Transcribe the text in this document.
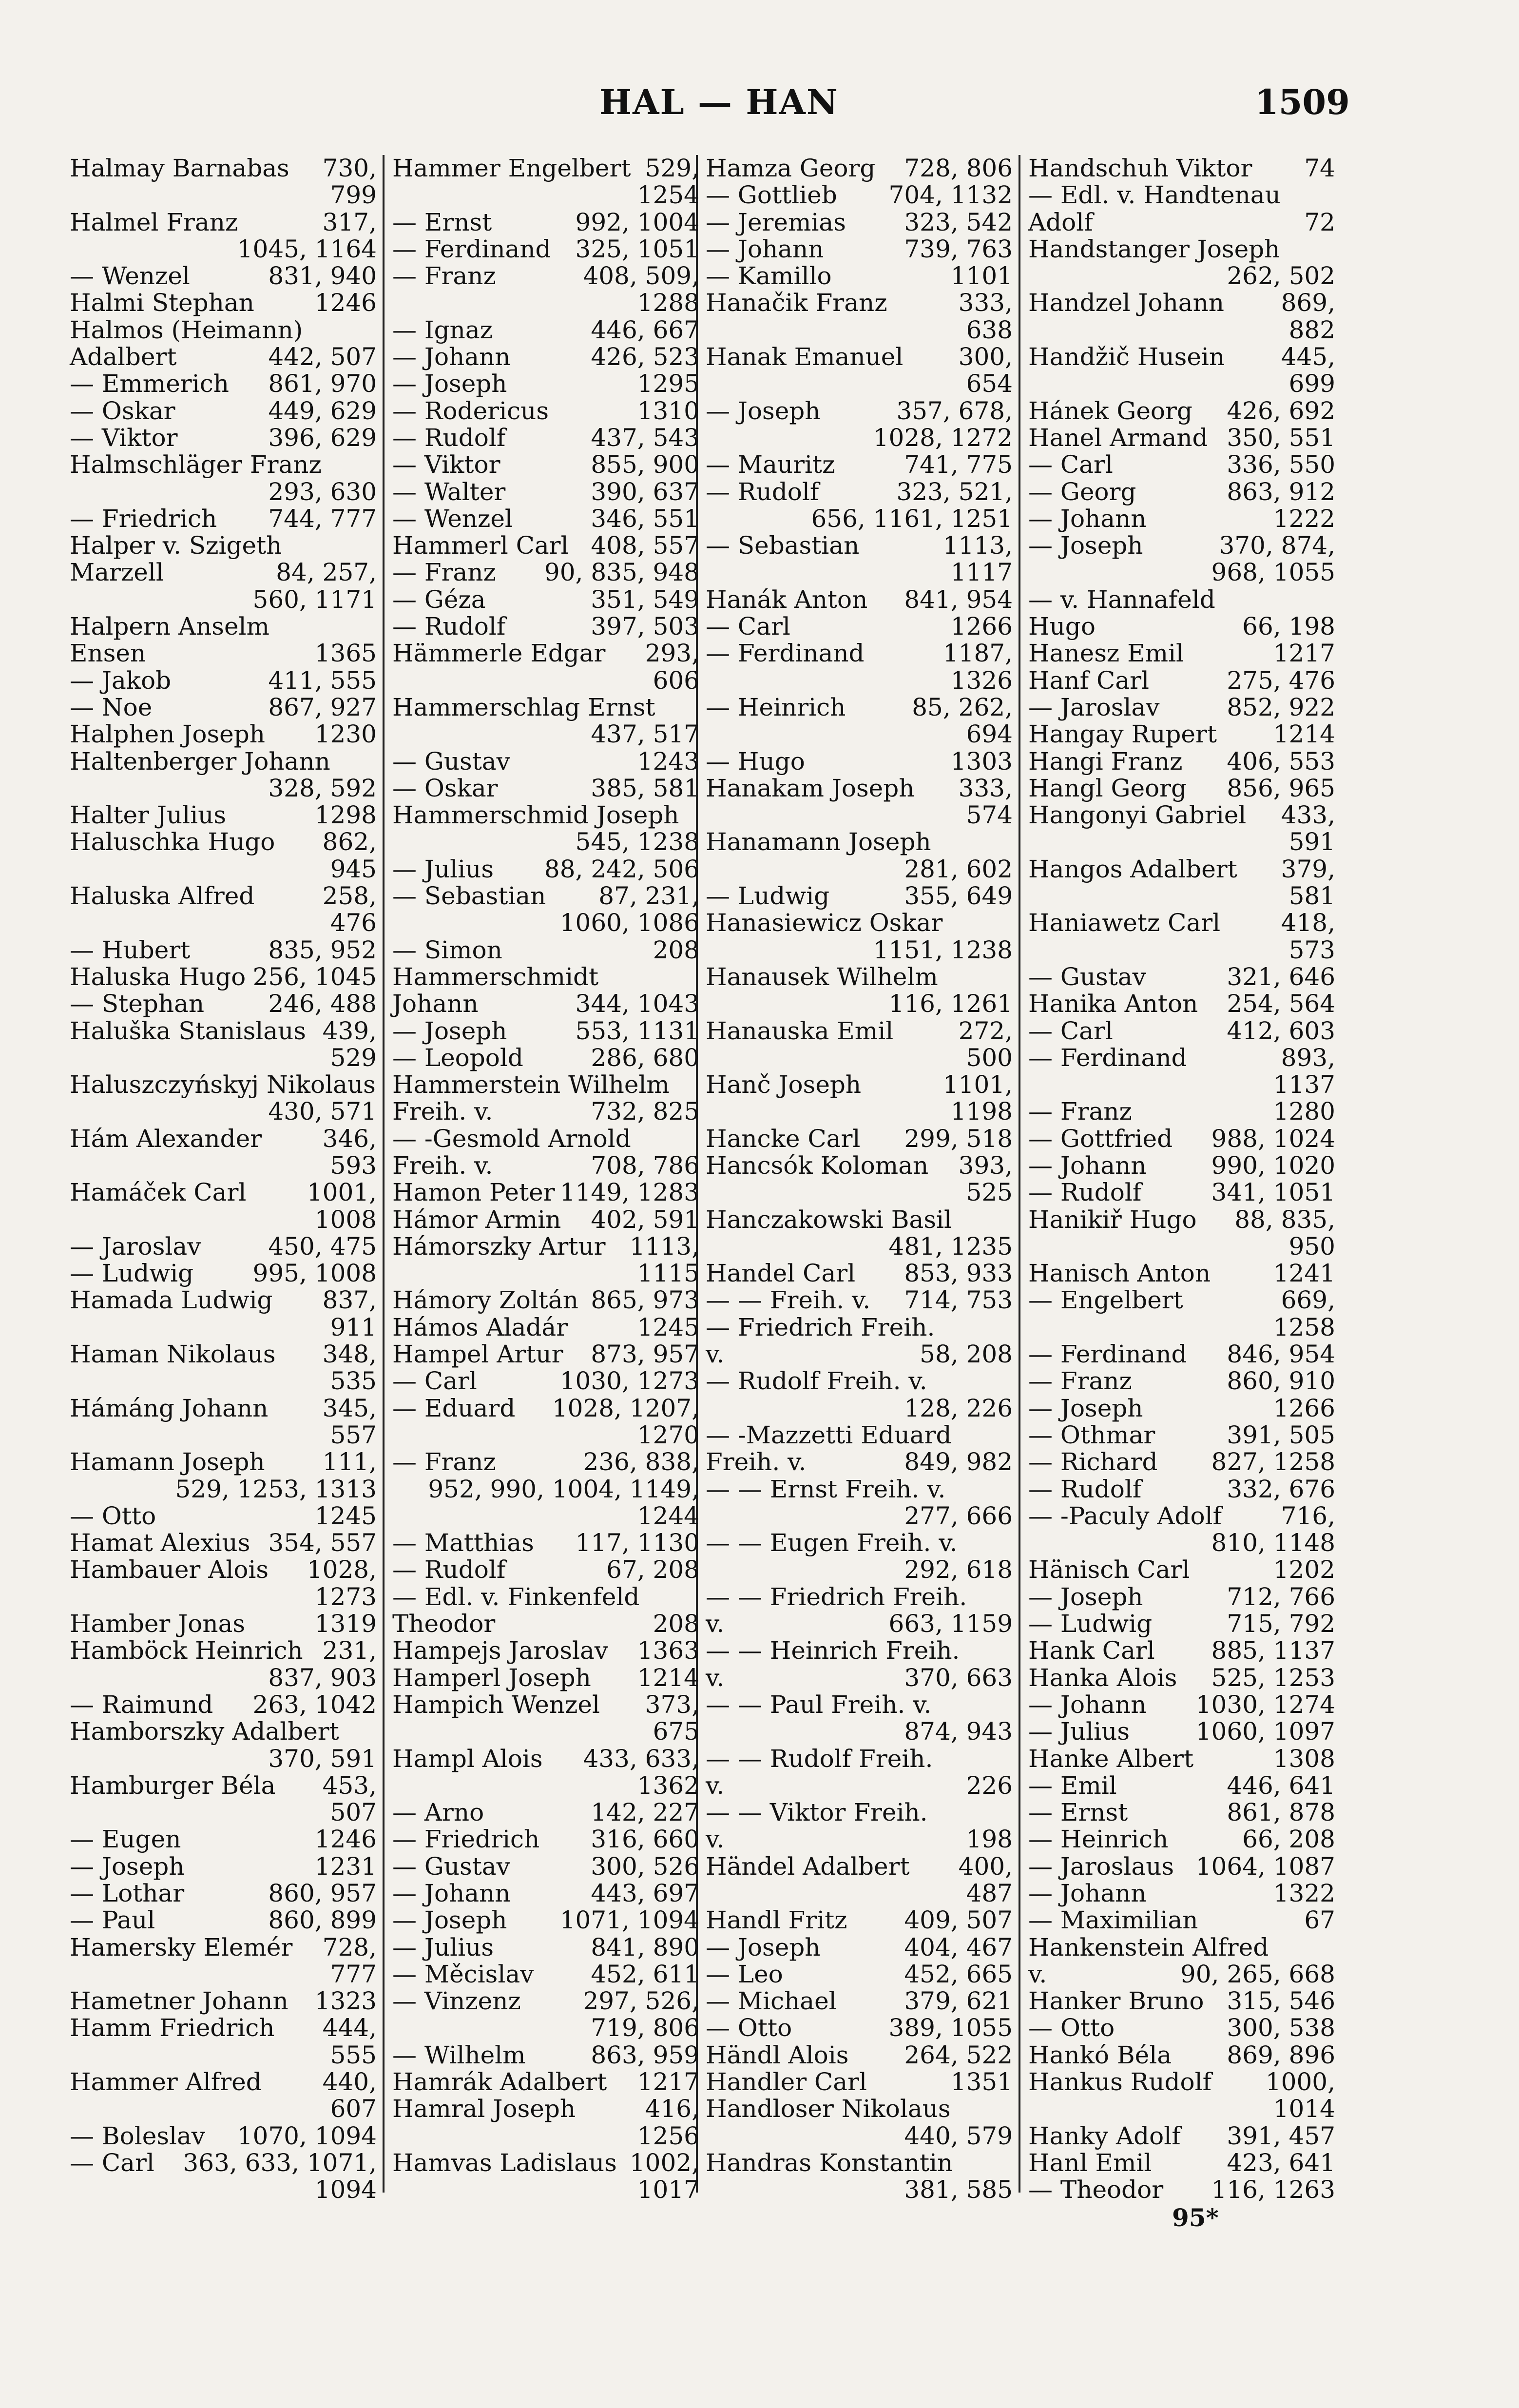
HAL — HAN	1509
Halmay Barnabas 730,
799
Halmel Franz	317,
1045, 1164
— Wenzel	831, 940
Halmi Stephan 1246
Halmos (Heimann)
Adalbert	442, 507
— Emmerich 861, 970
— Oskar	449, 629
— Viktor	396, 629
Halmschläger Franz
293, 630
— Friedrich 744, 777
Halper v. Szigeth
Marzell	84, 257,
560, 1171
Halpern Anselm
Ensen	1365
— Jakob	411, 555
— Noe	867, 927
Halphen Joseph 1230
Haltenberger Johann
328, 592
Halter Julius	1298
Haluschka Hugo 862,
945
Haluska Alfred	258,
476
— Hubert	835, 952
Haluska Hugo 256, 1045
— Stephan	246, 488
Haluška Stanislaus 439,
529
Haluszczyńskyj Nikolaus
430, 571
Hám Alexander 346,
593
Hamáček Carl 1001,
1008
— Jaroslav	450, 475
— Ludwig 995, 1008
Hamada Ludwig 837,
911
Haman Nikolaus 348,
535
Hámáng Johann 345,
557
Hamann Joseph 111,
529, 1253, 1313
— Otto	1245
Hamat Alexius 354, 557
Hambauer Alois 1028,
1273
Hamber Jonas	1319
Hamböck Heinrich 231,
837, 903
— Raimund 263, 1042
Hamborszky Adalbert
370, 591
Hamburger Béla 453,
507
— Eugen	1246
— Joseph	1231
— Lothar	860, 957
— Paul	860, 899
Hamersky Elemér 728,
777
Hametner Johann 1323
Hamm Friedrich 444,
555
Hammer Alfred 440,
607
— Boleslav 1070, 1094
— Carl 363, 633, 1071,
1094
Hammer Engelbert 529,
1254
— Ernst	992, 1004
— Ferdinand 325, 1051
— Franz	408, 509,
1288
— Ignaz	446, 667
— Johann	426, 523
— Joseph	1295
— Rodericus	1310
— Rudolf	437, 543
— Viktor	855, 900
— Walter	390, 637
— Wenzel	346, 551
Hammerl Carl 408, 557
— Franz 90, 835, 948
— Géza	351, 549
— Rudolf	397, 503
Hämmerle Edgar 293,
606
Hammerschlag Ernst
437, 517
— Gustav	1243
— Oskar	385, 581
Hammerschmid Joseph
545, 1238
— Julius 88, 242, 506
— Sebastian 87, 231,
1060, 1086
— Simon	208
Hammerschmidt
Johann	344, 1043
— Joseph	553, 1131
— Leopold	286, 680
Hammerstein Wilhelm
Freih. v.	732, 825
— -Gesmold Arnold
Freih. v.	708, 786
Hamon Peter 1149, 1283
Hámor Armin 402, 591
Hámorszky Artur 1113,
1115
Hámory Zoltán 865, 973
Hámos Aladár	1245
Hampel Artur 873, 957
— Carl	1030, 1273
— Eduard 1028, 1207,
1270
— Franz	236, 838,
952, 990, 1004, 1149,
1244
— Matthias 117, 1130
— Rudolf	67, 208
— Edl. v. Finkenfeld
Theodor	208
Hampejs Jaroslav 1363
Hamperl Joseph 1214
Hampich Wenzel 373,
675
Hampl Alois 433, 633,
1362
— Arno	142, 227
— Friedrich 316, 660
— Gustav	300, 526
— Johann	443, 697
— Joseph 1071, 1094
— Julius	841, 890
— Měcislav 452, 611
— Vinzenz	297, 526,
719, 806
— Wilhelm	863, 959
Hamrák Adalbert 1217
Hamral Joseph	416,
1256
Hamvas Ladislaus 1002,
1017
Hamza Georg 728, 806
— Gottlieb 704, 1132
— Jeremias 323, 542
— Johann	739, 763
— Kamillo	1101
Hanačik Franz	333,
638
Hanak Emanuel 300,
654
— Joseph	357, 678,
1028, 1272
— Mauritz	741, 775
— Rudolf	323, 521,
656, 1161, 1251
— Sebastian	1113,
1117
Hanák Anton 841, 954
— Carl	1266
— Ferdinand	1187,
1326
— Heinrich	85, 262,
694
— Hugo	1303
Hanakam Joseph 333,
574
Hanamann Joseph
281, 602
— Ludwig	355, 649
Hanasiewicz Oskar
1151, 1238
Hanausek Wilhelm
116, 1261
Hanauska Emil	272,
500
Hanč Joseph	1101,
1198
Hancke Carl 299, 518
Hancsók Koloman 393,
525
Hanczakowski Basil
481, 1235
Handel Carl 853, 933
— — Freih. v. 714, 753
— Friedrich Freih.
v.	58, 208
— Rudolf Freih. v.
128, 226
— -Mazzetti Eduard
Freih. v.	849, 982
— — Ernst Freih. v.
277, 666
— — Eugen Freih. v.
292, 618
— — Friedrich Freih.
v.	663, 1159
— — Heinrich Freih.
v.	370, 663
— — Paul Freih. v.
874, 943
— — Rudolf Freih.
v.	226
— — Viktor Freih.
v.	198
Händel Adalbert 400,
487
Handl Fritz 409, 507
— Joseph	404, 467
— Leo	452, 665
— Michael	379, 621
— Otto	389, 1055
Händl Alois 264, 522
Handler Carl	1351
Handloser Nikolaus
440, 579
Handras Konstantin
381, 585
Handschuh Viktor 74
— Edl. v. Handtenau
Adolf	72
Handstanger Joseph
262, 502
Handzel Johann 869,
882
Handžič Husein 445,
699
Hánek Georg 426, 692
Hanel Armand 350, 551
— Carl	336, 550
— Georg	863, 912
— Johann	1222
— Joseph	370, 874,
968, 1055
— v. Hannafeld
Hugo	66, 198
Hanesz Emil	1217
Hanf Carl	275, 476
— Jaroslav	852, 922
Hangay Rupert 1214
Hangi Franz 406, 553
Hangl Georg 856, 965
Hangonyi Gabriel 433,
591
Hangos Adalbert 379,
581
Haniawetz Carl 418,
573
— Gustav	321, 646
Hanika Anton 254, 564
— Carl	412, 603
— Ferdinand	893,
1137
— Franz	1280
— Gottfried 988, 1024
— Johann	990, 1020
— Rudolf	341, 1051
Hanikiř Hugo 88, 835,
950
Hanisch Anton	1241
— Engelbert	669,
1258
— Ferdinand 846, 954
— Franz	860, 910
— Joseph	1266
— Othmar	391, 505
— Richard 827, 1258
— Rudolf	332, 676
— -Paculy Adolf 716,
810, 1148
Hänisch Carl	1202
— Joseph	712, 766
— Ludwig	715, 792
Hank Carl 885, 1137
Hanka Alois 525, 1253
— Johann 1030, 1274
— Julius	1060, 1097
Hanke Albert	1308
— Emil	446, 641
— Ernst	861, 878
— Heinrich	66, 208
— Jaroslaus 1064, 1087
— Johann	1322
— Maximilian	67
Hankenstein Alfred
v.	90, 265, 668
Hanker Bruno 315, 546
— Otto	300, 538
Hankó Béla 869, 896
Hankus Rudolf 1000,
1014
Hanky Adolf 391, 457
Hanl Emil	423, 641
— Theodor 116, 1263
95*
